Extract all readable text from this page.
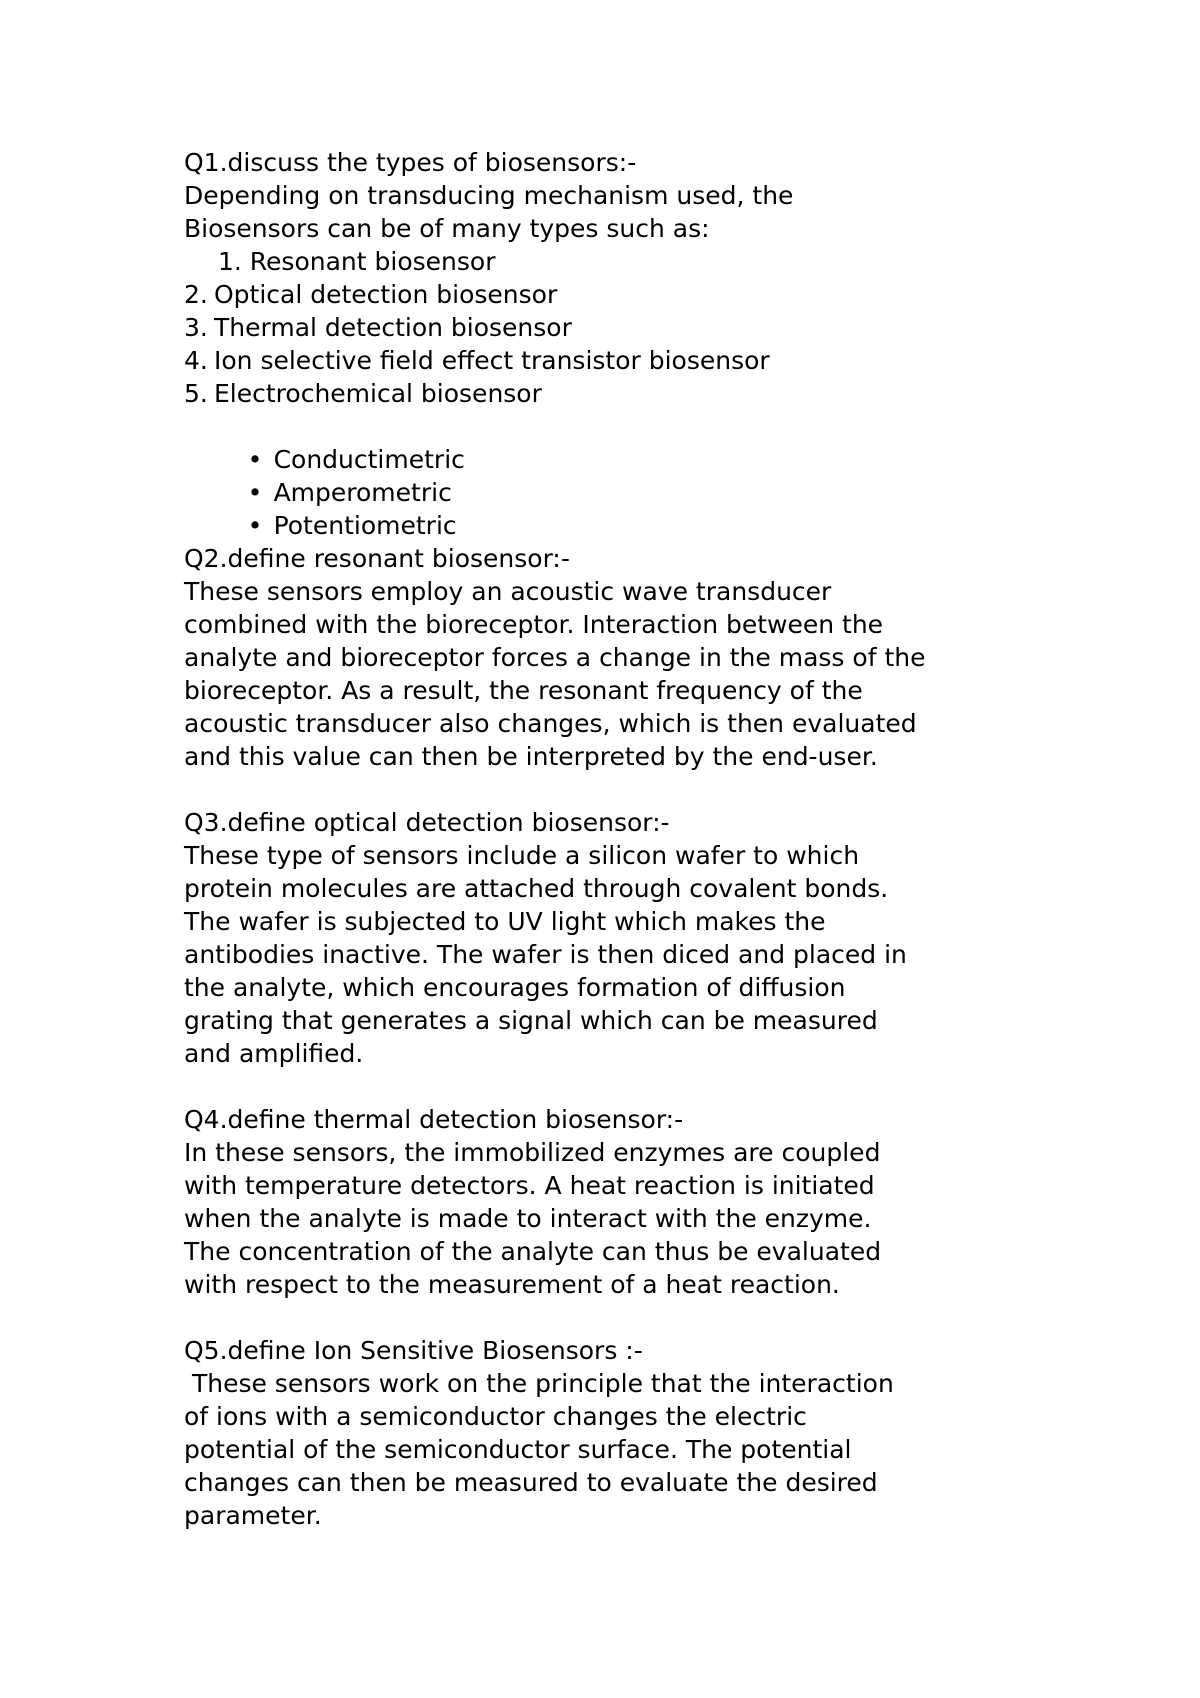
Q1.discuss the types of biosensors:-

Depending on transducing mechanism used, the

Biosensors can be of many types such as:

1. Resonant biosensor

2. Optical detection biosensor
3. Thermal detection biosensor
4. Ion selective field effect transistor biosensor
5. Electrochemical biosensor

• Conductimetric

• Amperometric

• Potentiometric

Q2.define resonant biosensor:-

These sensors employ an acoustic wave transducer

combined with the bioreceptor. Interaction between the

analyte and bioreceptor forces a change in the mass of the

bioreceptor. As a result, the resonant frequency of the

acoustic transducer also changes, which is then evaluated

and this value can then be interpreted by the end-user.

Q3.define optical detection biosensor:-

These type of sensors include a silicon wafer to which

protein molecules are attached through covalent bonds.

The wafer is subjected to UV light which makes the

antibodies inactive. The wafer is then diced and placed in

the analyte, which encourages formation of diffusion

grating that generates a signal which can be measured

and amplified.

Q4.define thermal detection biosensor:-

In these sensors, the immobilized enzymes are coupled

with temperature detectors. A heat reaction is initiated

when the analyte is made to interact with the enzyme.

The concentration of the analyte can thus be evaluated

with respect to the measurement of a heat reaction.

Q5.define Ion Sensitive Biosensors :-

These sensors work on the principle that the interaction

of ions with a semiconductor changes the electric

potential of the semiconductor surface. The potential

changes can then be measured to evaluate the desired

parameter.
